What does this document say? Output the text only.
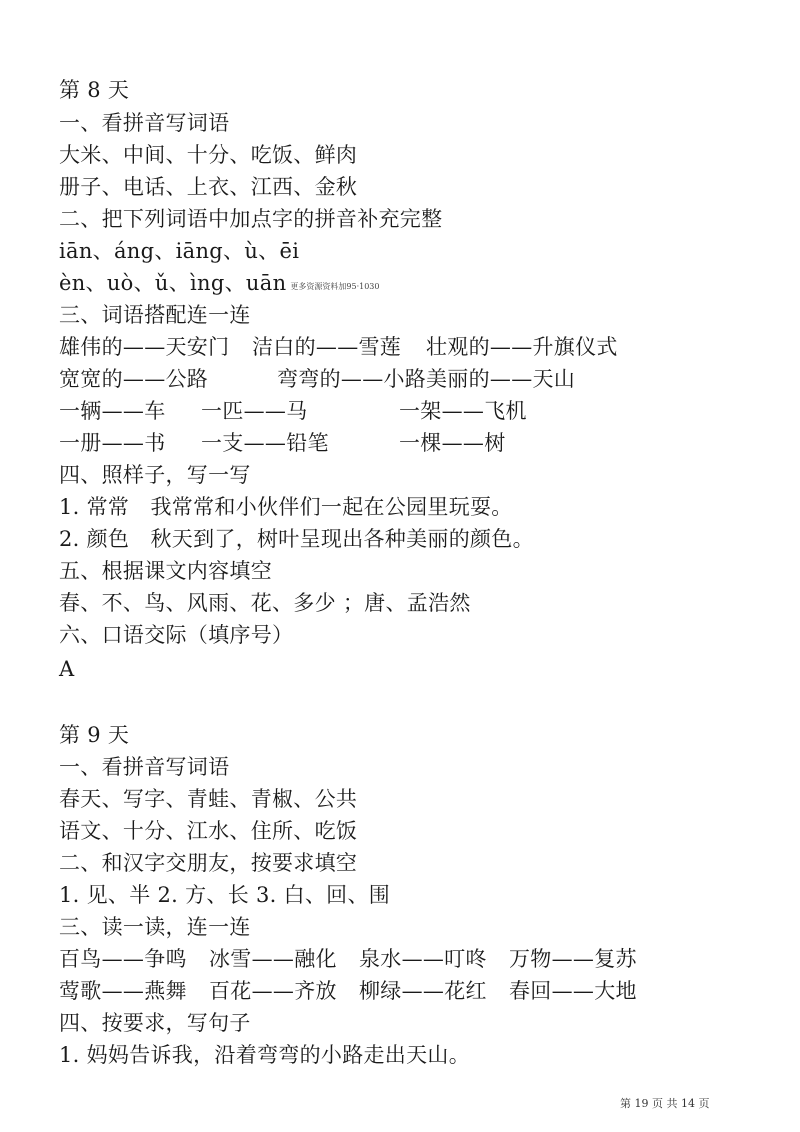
第 8 天
一、看拼音写词语
大米、中间、十分、吃饭、鲜肉
册子、电话、上衣、江西、金秋
二、把下列词语中加点字的拼音补充完整
iān、áng、iāng、ù、ēi
èn、uò、ǔ、ìng、uān 更多资源资料加95·1030
三、词语搭配连一连
雄伟的——天安门 洁白的——雪莲 壮观的——升旗仪式
宽宽的——公路	弯弯的——小路 美丽的——天山
一辆——车 一匹——马	一架——飞机
一册——书 一支——铅笔	一棵——树
四、照样子，写一写
1. 常常　我常常和小伙伴们一起在公园里玩耍。
2. 颜色　秋天到了，树叶呈现出各种美丽的颜色。
五、根据课文内容填空
春、不、鸟、风雨、花、多少 ；唐、孟浩然
六、口语交际（填序号）
A
第 9 天
一、看拼音写词语
春天、写字、青蛙、青椒、公共
语文、十分、江水、住所、吃饭
二、和汉字交朋友，按要求填空
1. 见、半 2. 方、长 3. 白、回、围
三、读一读，连一连
百鸟——争鸣 冰雪——融化 泉水——叮咚 万物——复苏
莺歌——燕舞 百花——齐放 柳绿——花红 春回——大地
四、按要求，写句子
1. 妈妈告诉我，沿着弯弯的小路走出天山。
第 19 页 共 14 页
